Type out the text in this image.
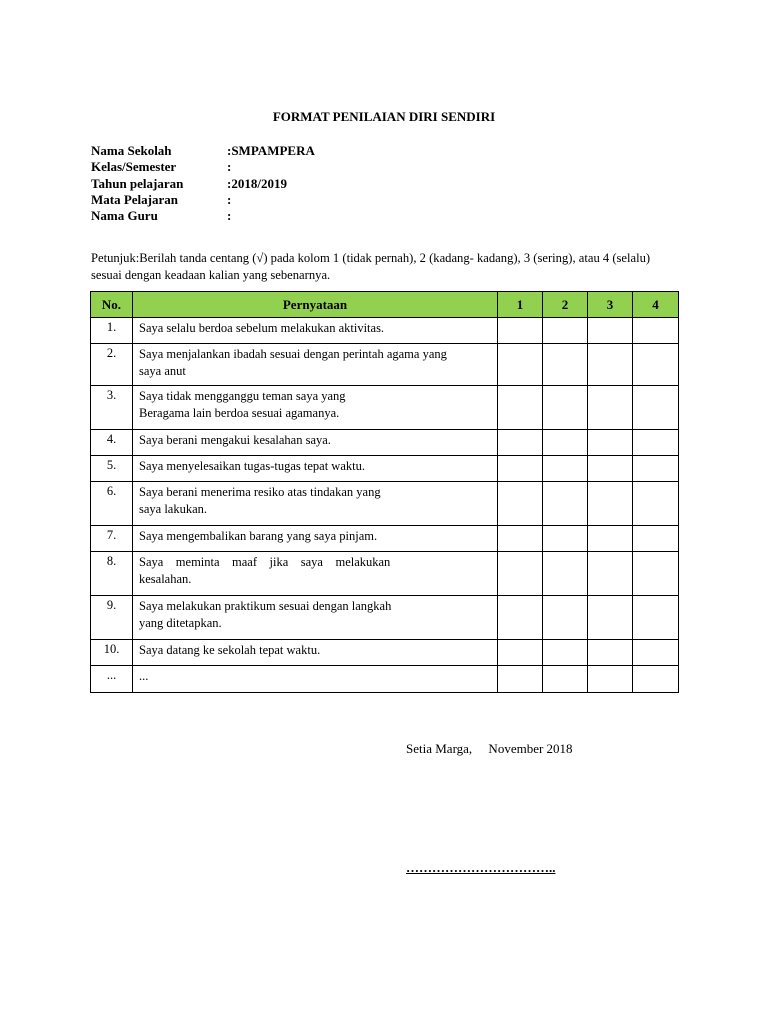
FORMAT PENILAIAN DIRI SENDIRI
Nama Sekolah	:SMPAMPERA
Kelas/Semester	:
Tahun pelajaran	:2018/2019
Mata Pelajaran	:
Nama Guru	:
Petunjuk:Berilah tanda centang (√) pada kolom 1 (tidak pernah), 2 (kadang- kadang), 3 (sering), atau 4 (selalu) sesuai dengan keadaan kalian yang sebenarnya.
No.	Pernyataan	1	2	3	4
1.	Saya selalu berdoa sebelum melakukan aktivitas.				
2.	Saya menjalankan ibadah sesuai dengan perintah agama yang
saya anut				
3.	Saya tidak mengganggu teman saya yang
Beragama lain berdoa sesuai agamanya.				
4.	Saya berani mengakui kesalahan saya.				
5.	Saya menyelesaikan tugas-tugas tepat waktu.				
6.	Saya berani menerima resiko atas tindakan yang
saya lakukan.				
7.	Saya mengembalikan barang yang saya pinjam.				
8.	Saya    meminta    maaf    jika    saya    melakukan
kesalahan.				
9.	Saya melakukan praktikum sesuai dengan langkah
yang ditetapkan.				
10.	Saya datang ke sekolah tepat waktu.				
...	...				
Setia Marga,     November 2018
……………………………..
